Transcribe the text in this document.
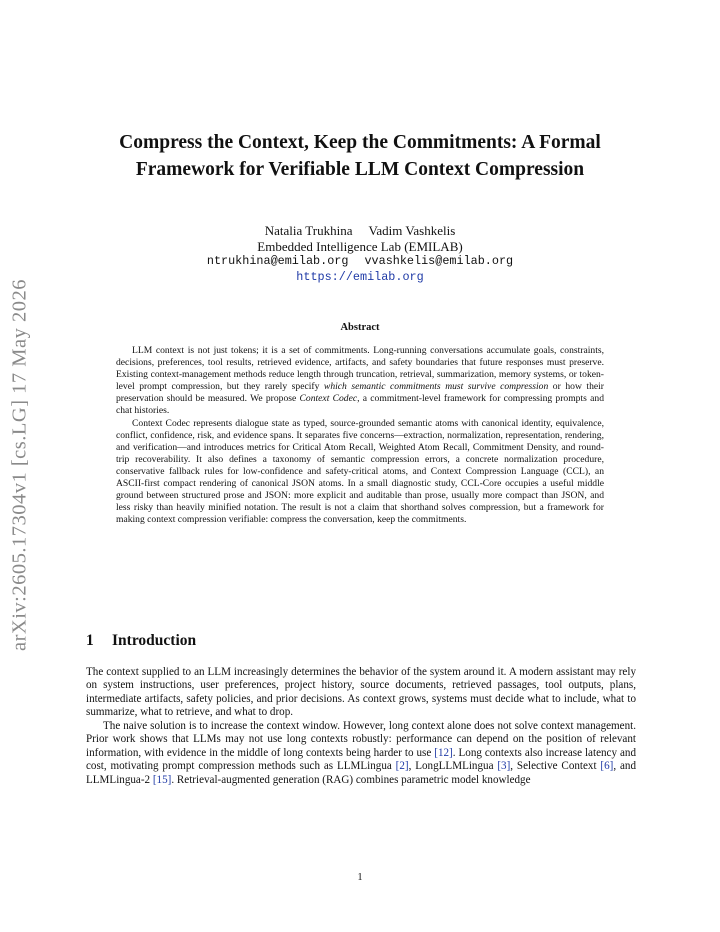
arXiv:2605.17304v1 [cs.LG] 17 May 2026
Compress the Context, Keep the Commitments: A Formal Framework for Verifiable LLM Context Compression
Natalia Trukhina Vadim Vashkelis
Embedded Intelligence Lab (EMILAB)
ntrukhina@emilab.org vvashkelis@emilab.org
https://emilab.org
Abstract

LLM context is not just tokens; it is a set of commitments. Long-running conversations accumulate goals, constraints, decisions, preferences, tool results, retrieved evidence, artifacts, and safety boundaries that future responses must preserve. Existing context-management methods reduce length through truncation, retrieval, summarization, memory systems, or token-level prompt compression, but they rarely specify which semantic commitments must survive compression or how their preservation should be measured. We propose Context Codec, a commitment-level framework for compressing prompts and chat histories.

Context Codec represents dialogue state as typed, source-grounded semantic atoms with canonical identity, equivalence, conflict, confidence, risk, and evidence spans. It separates five concerns—extraction, normalization, representation, rendering, and verification—and introduces metrics for Critical Atom Recall, Weighted Atom Recall, Commitment Density, and round-trip recoverability. It also defines a taxonomy of semantic compression errors, a concrete normalization procedure, conservative fallback rules for low-confidence and safety-critical atoms, and Context Compression Language (CCL), an ASCII-first compact rendering of canonical JSON atoms. In a small diagnostic study, CCL-Core occupies a useful middle ground between structured prose and JSON: more explicit and auditable than prose, usually more compact than JSON, and less risky than heavily minified notation. The result is not a claim that shorthand solves compression, but a framework for making context compression verifiable: compress the conversation, keep the commitments.

1 Introduction

The context supplied to an LLM increasingly determines the behavior of the system around it. A modern assistant may rely on system instructions, user preferences, project history, source documents, retrieved passages, tool outputs, plans, intermediate artifacts, safety policies, and prior decisions. As context grows, systems must decide what to include, what to summarize, what to retrieve, and what to drop.

The naive solution is to increase the context window. However, long context alone does not solve context management. Prior work shows that LLMs may not use long contexts robustly: performance can depend on the position of relevant information, with evidence in the middle of long contexts being harder to use [12]. Long contexts also increase latency and cost, motivating prompt compression methods such as LLMLingua [2], LongLLMLingua [3], Selective Context [6], and LLMLingua-2 [15]. Retrieval-augmented generation (RAG) combines parametric model knowledge

1
